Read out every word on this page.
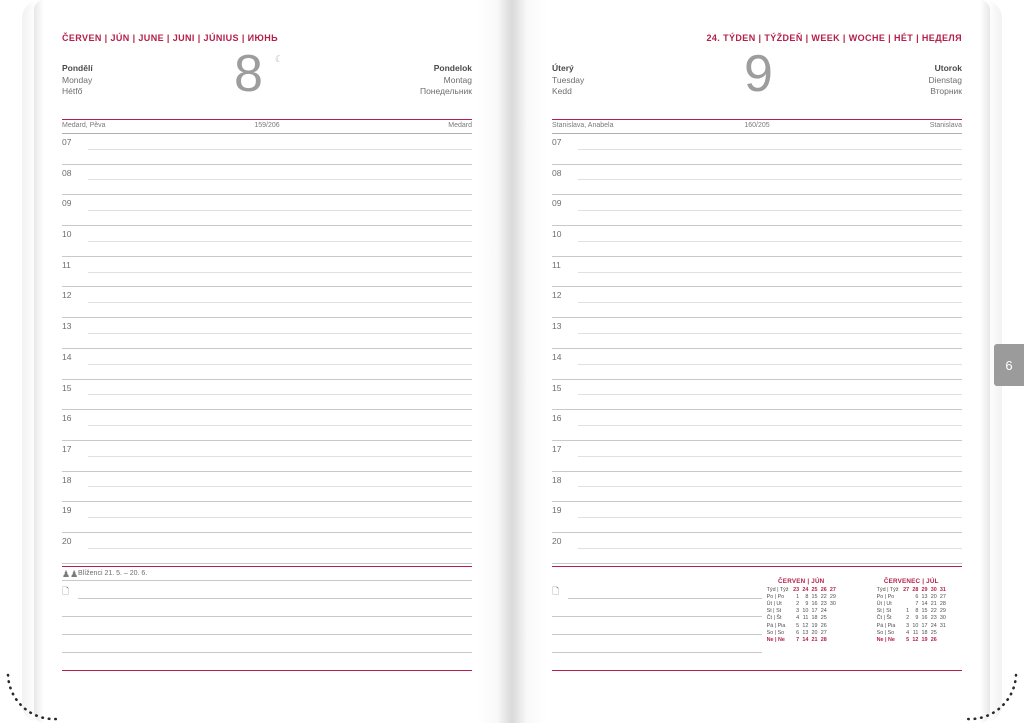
ČERVEN | JÚN | JUNE | JUNI | JÚNIUS | ИЮНЬ
Pondělí
Monday
Hétfő
Pondelok
Montag
Понедельник
8 ☾
Medard, Pěva	159/206	Medard
07
08
09
10
11
12
13
14
15
16
17
18
19
20
♟♟ Blíženci 21. 5. – 20. 6.
🗋
24. TÝDEN | TÝŽDEŇ | WEEK | WOCHE | HÉT | НЕДЕЛЯ
Úterý
Tuesday
Kedd
Utorok
Dienstag
Вторник
9
Stanislava, Anabela	160/205	Stanislava
07
08
09
10
11
12
13
14
15
16
17
18
19
20
🗋
ČERVEN | JÚN
Týd | Týž	23	24	25	26	27
Po | Po	1	8	15	22	29
Út | Ut	2	9	16	23	30
St | St	3	10	17	24	
Čt | Št	4	11	18	25	
Pá | Pia	5	12	19	26	
So | So	6	13	20	27	
Ne | Ne	7	14	21	28	
ČERVENEC | JÚL
Týd | Týž	27	28	29	30	31
Po | Po		6	13	20	27
Út | Ut		7	14	21	28
St | St	1	8	15	22	29
Čt | Št	2	9	16	23	30
Pá | Pia	3	10	17	24	31
So | So	4	11	18	25	
Ne | Ne	5	12	19	26	
6
